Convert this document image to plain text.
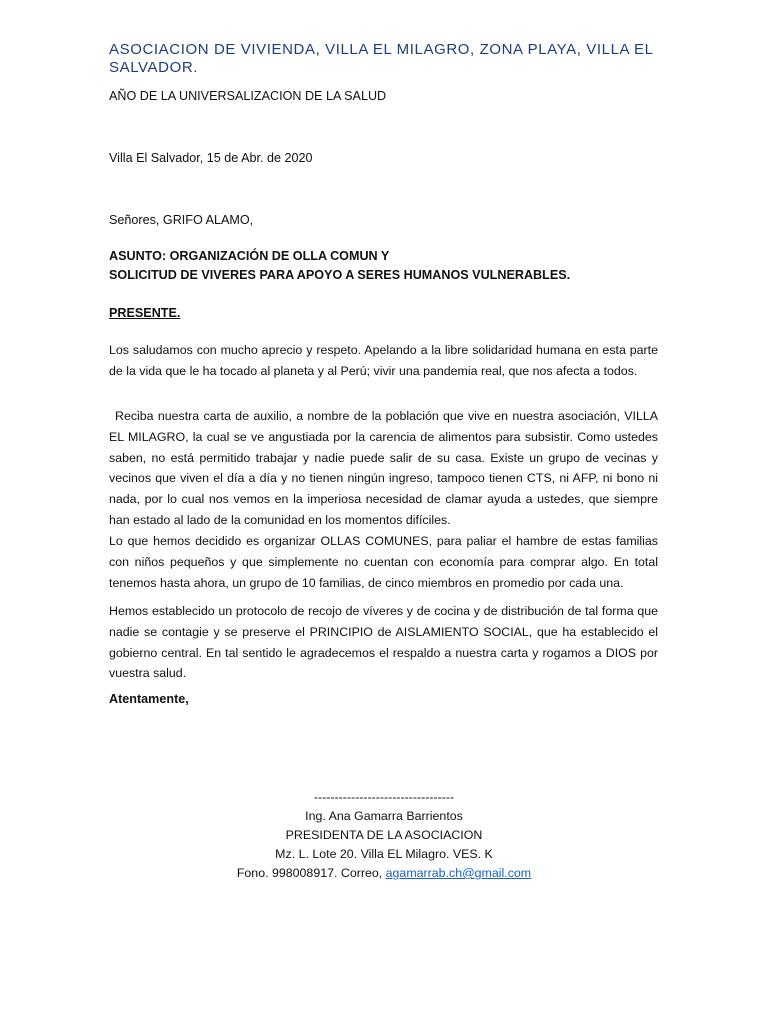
ASOCIACION DE VIVIENDA, VILLA EL MILAGRO, ZONA PLAYA, VILLA EL SALVADOR.
AÑO DE LA UNIVERSALIZACION DE LA SALUD
Villa El Salvador, 15 de Abr. de 2020
Señores, GRIFO ALAMO,
ASUNTO: ORGANIZACIÓN DE OLLA COMUN Y
SOLICITUD DE VIVERES PARA APOYO A SERES HUMANOS VULNERABLES.
PRESENTE.
Los saludamos con mucho aprecio y respeto. Apelando a la libre solidaridad humana en esta parte de la vida que le ha tocado al planeta y al Perú; vivir una pandemia real, que nos afecta a todos.
Reciba nuestra carta de auxilio, a nombre de la población que vive en nuestra asociación, VILLA EL MILAGRO, la cual se ve angustiada por la carencia de alimentos para subsistir. Como ustedes saben, no está permitido trabajar y nadie puede salir de su casa. Existe un grupo de vecinas y vecinos que viven el día a día y no tienen ningún ingreso, tampoco tienen CTS, ni AFP, ni bono ni nada, por lo cual nos vemos en la imperiosa necesidad de clamar ayuda a ustedes, que siempre han estado al lado de la comunidad en los momentos difíciles.
Lo que hemos decidido es organizar OLLAS COMUNES, para paliar el hambre de estas familias con niños pequeños y que simplemente no cuentan con economía para comprar algo. En total tenemos hasta ahora, un grupo de 10 familias, de cinco miembros en promedio por cada una.
Hemos establecido un protocolo de recojo de víveres y de cocina y de distribución de tal forma que nadie se contagie y se preserve el PRINCIPIO de AISLAMIENTO SOCIAL, que ha establecido el gobierno central. En tal sentido le agradecemos el respaldo a nuestra carta y rogamos a DIOS por vuestra salud.
Atentamente,
----------------------------------
Ing. Ana Gamarra Barrientos
PRESIDENTA DE LA ASOCIACION
Mz. L. Lote 20. Villa EL Milagro. VES. K
Fono. 998008917. Correo, agamarrab.ch@gmail.com
